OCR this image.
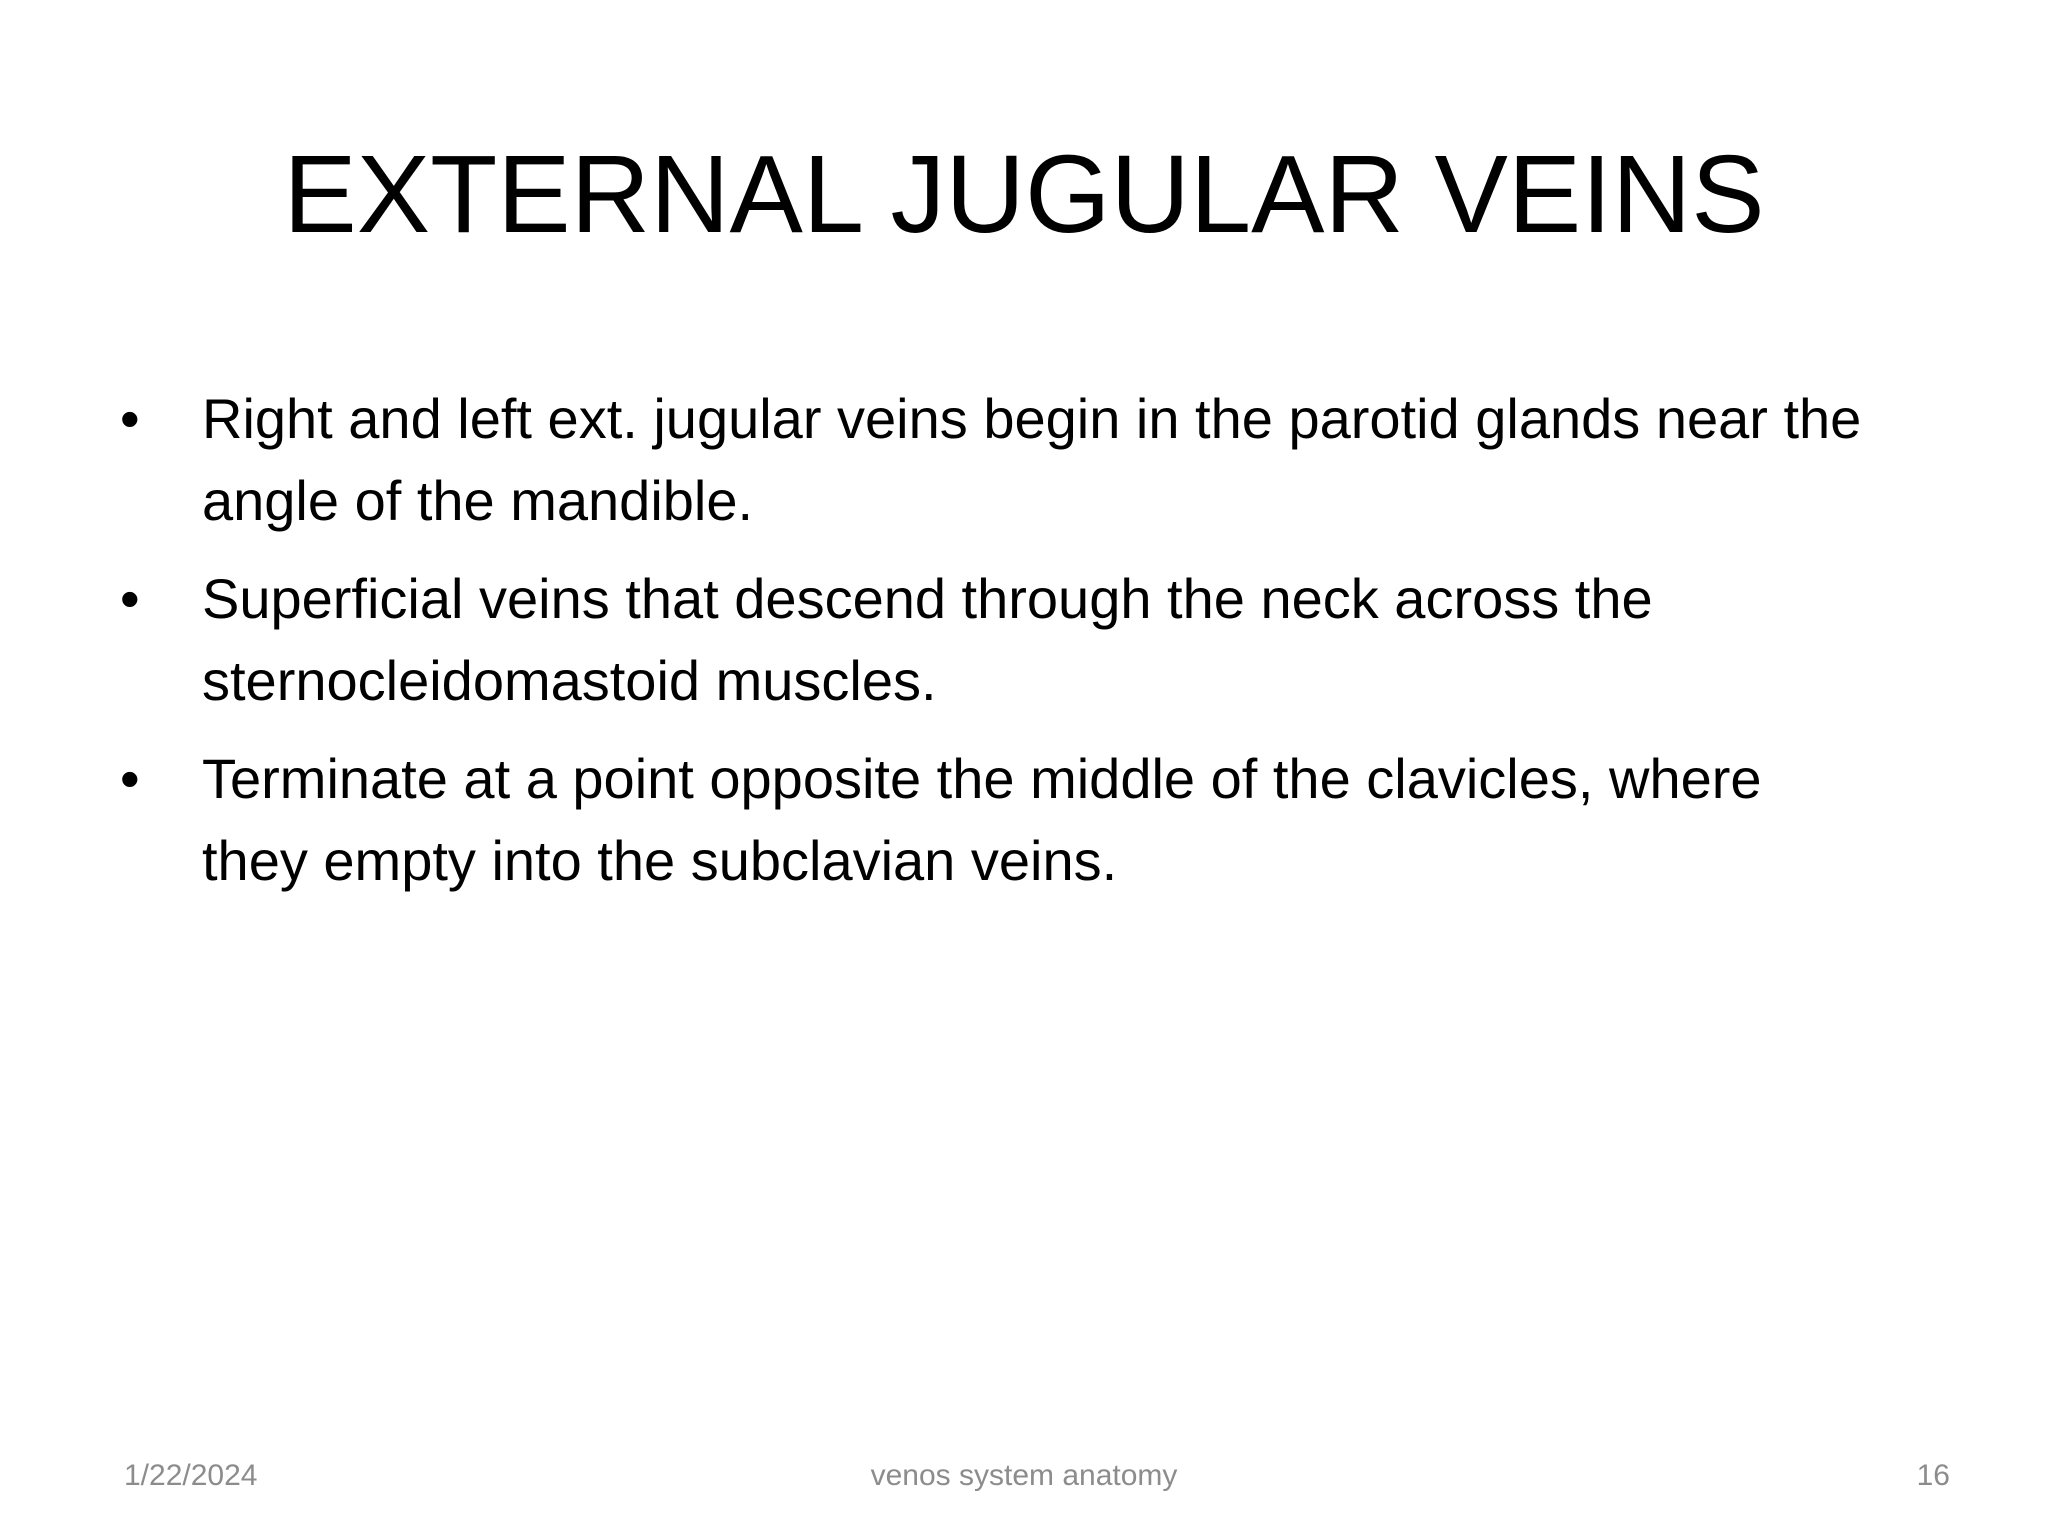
EXTERNAL JUGULAR VEINS
•	Right and left ext. jugular veins begin in the parotid glands near the angle of the mandible.
•	Superficial veins that descend through the neck across the sternocleidomastoid muscles.
•	Terminate at a point opposite the middle of the clavicles, where they empty into the subclavian veins.
1/22/2024	venos system anatomy	16
